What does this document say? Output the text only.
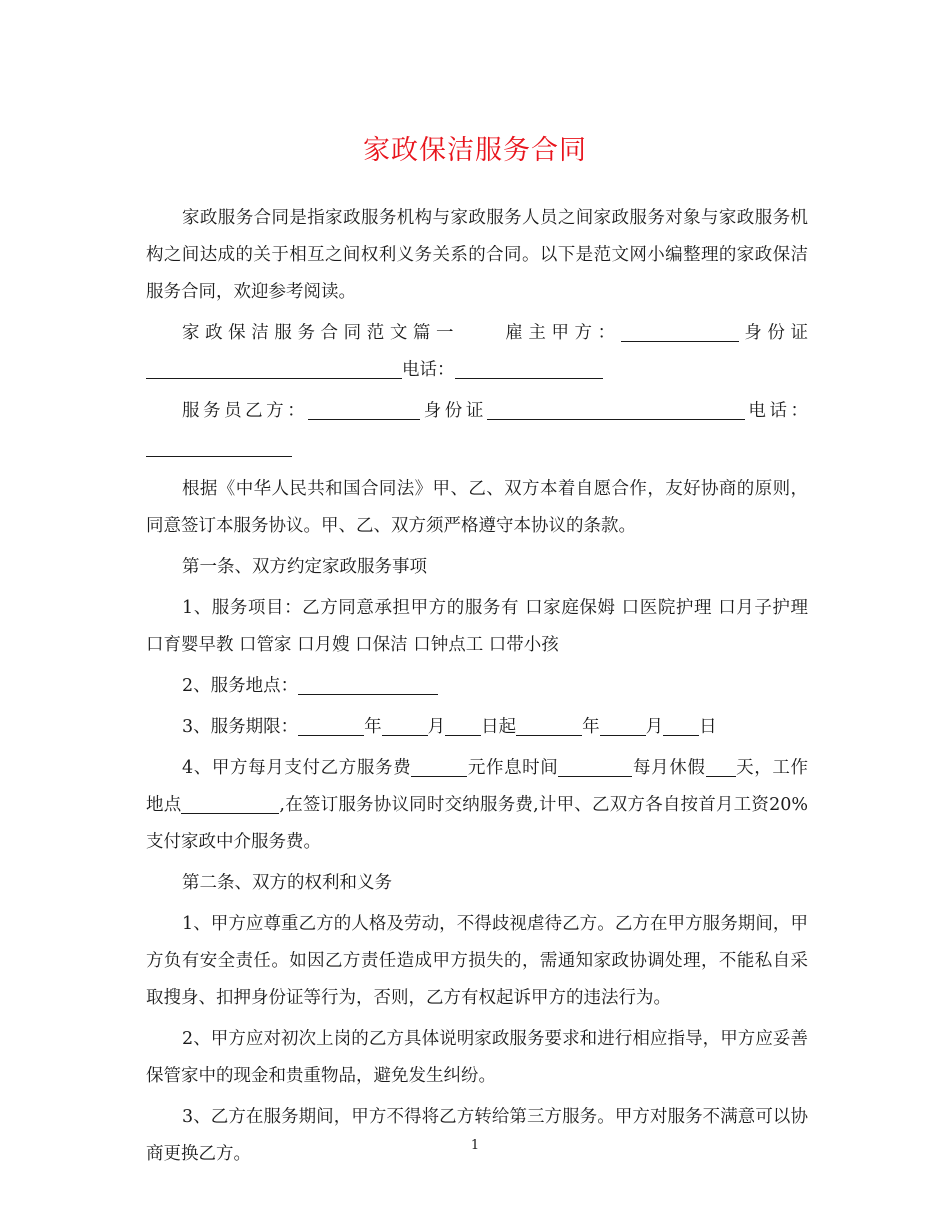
家政保洁服务合同

家政服务合同是指家政服务机构与家政服务人员之间家政服务对象与家政服务机构之间达成的关于相互之间权利义务关系的合同。以下是范文网小编整理的家政保洁服务合同，欢迎参考阅读。

家政保洁服务合同范文篇一　　雇主甲方：	身份证电话：

服务员乙方：	身份证	电话：

根据《中华人民共和国合同法》甲、乙、双方本着自愿合作，友好协商的原则，同意签订本服务协议。甲、乙、双方须严格遵守本协议的条款。

第一条、双方约定家政服务事项

1、服务项目：乙方同意承担甲方的服务有 口家庭保姆 口医院护理 口月子护理 口育婴早教 口管家 口月嫂 口保洁 口钟点工 口带小孩

2、服务地点：

3、服务期限：	年	月 日起	年	月 日

4、甲方每月支付乙方服务费	元作息时间	每月休假 天，工作地点	,在签订服务协议同时交纳服务费,计甲、乙双方各自按首月工资20%支付家政中介服务费。

第二条、双方的权利和义务

1、甲方应尊重乙方的人格及劳动，不得歧视虐待乙方。乙方在甲方服务期间，甲方负有安全责任。如因乙方责任造成甲方损失的，需通知家政协调处理，不能私自采取搜身、扣押身份证等行为，否则，乙方有权起诉甲方的违法行为。

2、甲方应对初次上岗的乙方具体说明家政服务要求和进行相应指导，甲方应妥善保管家中的现金和贵重物品，避免发生纠纷。

3、乙方在服务期间，甲方不得将乙方转给第三方服务。甲方对服务不满意可以协商更换乙方。	1
